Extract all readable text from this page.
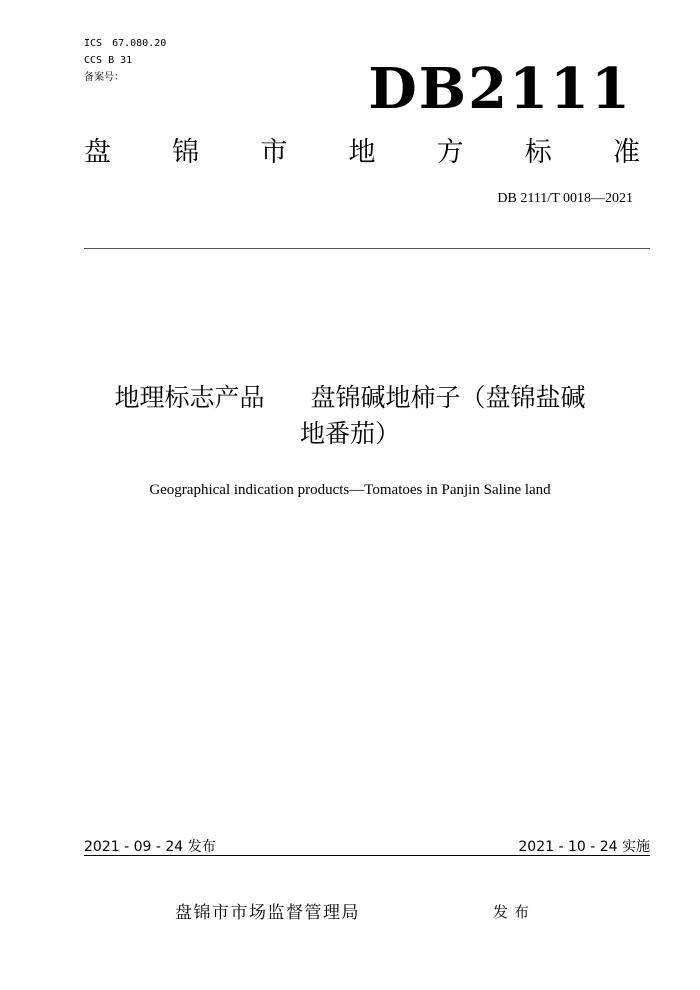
ICS 67.080.20
CCS B 31
备案号：	DB2111
盘 锦 市 地 方 标 准
DB 2111/T 0018—2021
地理标志产品 盘锦碱地柿子（盘锦盐碱
地番茄）
Geographical indication products—Tomatoes in Panjin Saline land
2021 - 09 - 24 发布	2021 - 10 - 24 实施
盘锦市市场监督管理局	发布
